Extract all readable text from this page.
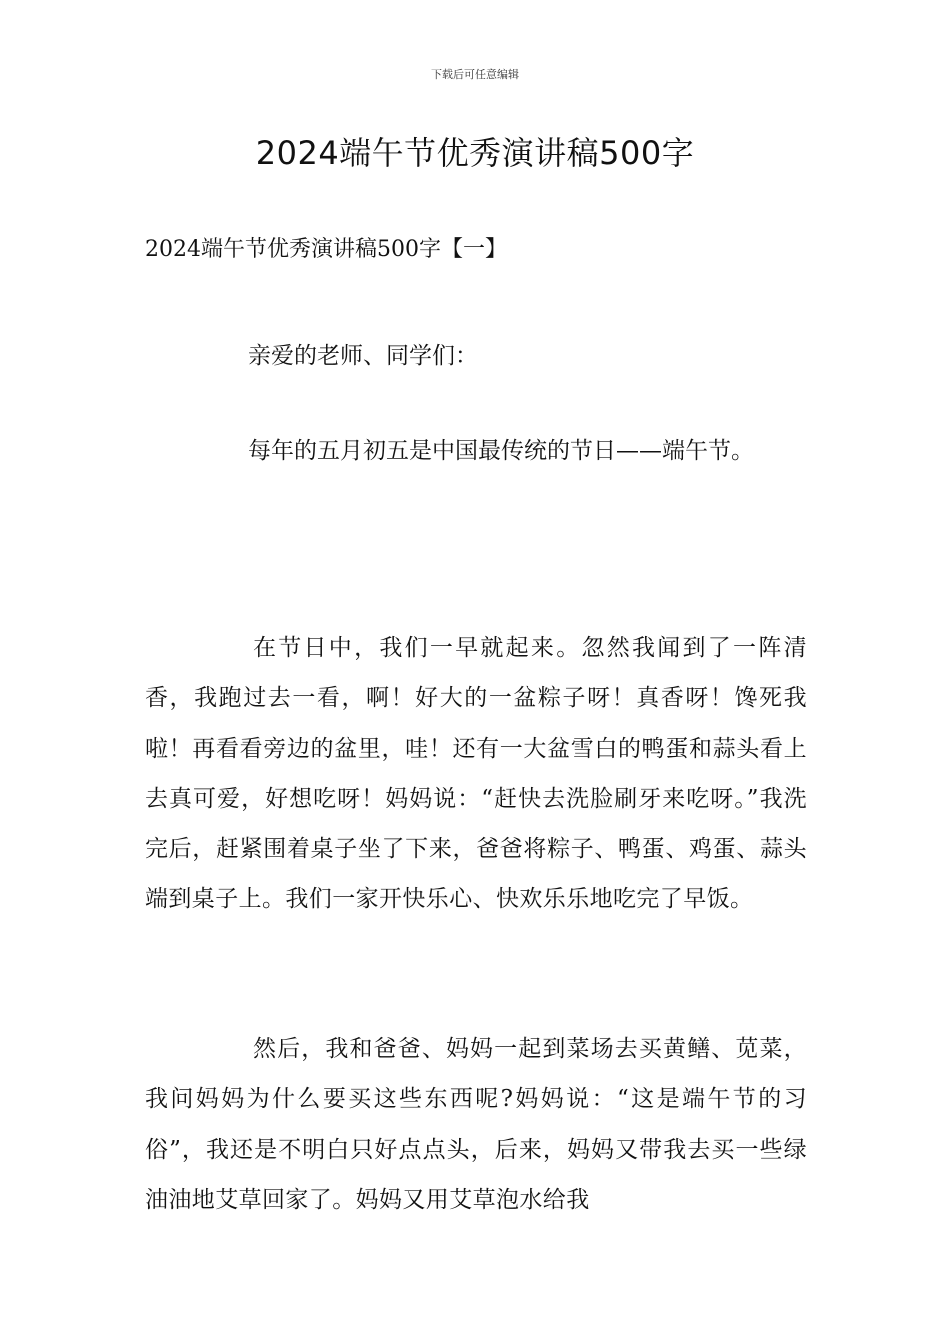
下载后可任意编辑
2024端午节优秀演讲稿500字
2024端午节优秀演讲稿500字【一】
亲爱的老师、同学们：
每年的五月初五是中国最传统的节日——端午节。
在节日中，我们一早就起来。忽然我闻到了一阵清香，我跑过去一看，啊！好大的一盆粽子呀！真香呀！馋死我啦！再看看旁边的盆里，哇！还有一大盆雪白的鸭蛋和蒜头看上去真可爱，好想吃呀！妈妈说：“赶快去洗脸刷牙来吃呀。”我洗完后，赶紧围着桌子坐了下来，爸爸将粽子、鸭蛋、鸡蛋、蒜头端到桌子上。我们一家开快乐心、快欢乐乐地吃完了早饭。
然后，我和爸爸、妈妈一起到菜场去买黄鳝、苋菜，我问妈妈为什么要买这些东西呢?妈妈说：“这是端午节的习俗”，我还是不明白只好点点头，后来，妈妈又带我去买一些绿油油地艾草回家了。妈妈又用艾草泡水给我
